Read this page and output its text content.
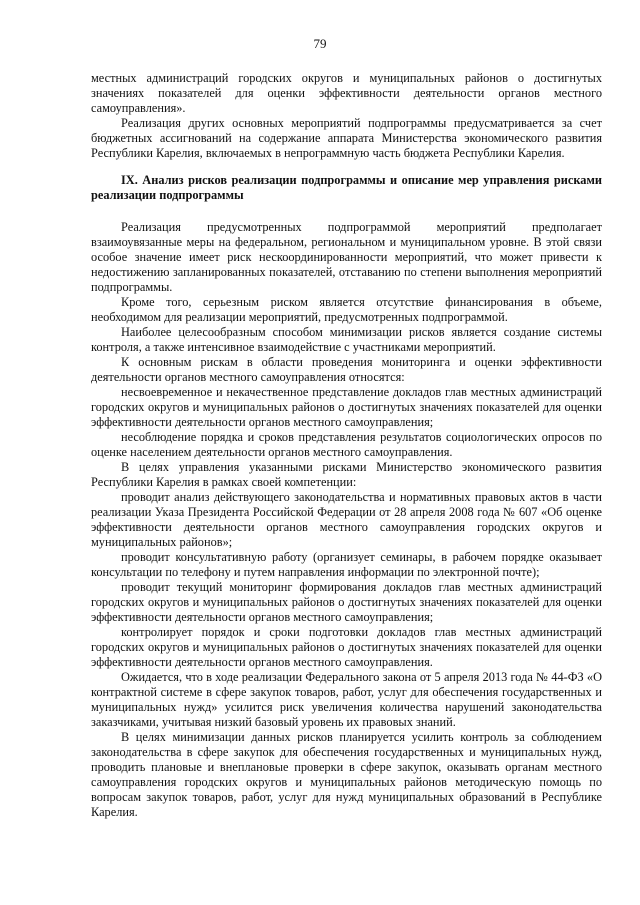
79

местных администраций городских округов и муниципальных районов о достигнутых значениях показателей для оценки эффективности деятельности органов местного самоуправления».

Реализация других основных мероприятий подпрограммы предусматривается за счет бюджетных ассигнований на содержание аппарата Министерства экономического развития Республики Карелия, включаемых в непрограммную часть бюджета Республики Карелия.

IX. Анализ рисков реализации подпрограммы и описание мер управления рисками реализации подпрограммы

Реализация предусмотренных подпрограммой мероприятий предполагает взаимоувязанные меры на федеральном, региональном и муниципальном уровне. В этой связи особое значение имеет риск нескоординированности мероприятий, что может привести к недостижению запланированных показателей, отставанию по степени выполнения мероприятий подпрограммы.

Кроме того, серьезным риском является отсутствие финансирования в объеме, необходимом для реализации мероприятий, предусмотренных подпрограммой.

Наиболее целесообразным способом минимизации рисков является создание системы контроля, а также интенсивное взаимодействие с участниками мероприятий.

К основным рискам в области проведения мониторинга и оценки эффективности деятельности органов местного самоуправления относятся:

несвоевременное и некачественное представление докладов глав местных администраций городских округов и муниципальных районов о достигнутых значениях показателей для оценки эффективности деятельности органов местного самоуправления;

несоблюдение порядка и сроков представления результатов социологических опросов по оценке населением деятельности органов местного самоуправления.

В целях управления указанными рисками Министерство экономического развития Республики Карелия в рамках своей компетенции:

проводит анализ действующего законодательства и нормативных правовых актов в части реализации Указа Президента Российской Федерации от 28 апреля 2008 года № 607 «Об оценке эффективности деятельности органов местного самоуправления городских округов и муниципальных районов»;

проводит консультативную работу (организует семинары, в рабочем порядке оказывает консультации по телефону и путем направления информации по электронной почте);

проводит текущий мониторинг формирования докладов глав местных администраций городских округов и муниципальных районов о достигнутых значениях показателей для оценки эффективности деятельности органов местного самоуправления;

контролирует порядок и сроки подготовки докладов глав местных администраций городских округов и муниципальных районов о достигнутых значениях показателей для оценки эффективности деятельности органов местного самоуправления.

Ожидается, что в ходе реализации Федерального закона от 5 апреля 2013 года № 44-ФЗ «О контрактной системе в сфере закупок товаров, работ, услуг для обеспечения государственных и муниципальных нужд» усилится риск увеличения количества нарушений законодательства заказчиками, учитывая низкий базовый уровень их правовых знаний.

В целях минимизации данных рисков планируется усилить контроль за соблюдением законодательства в сфере закупок для обеспечения государственных и муниципальных нужд, проводить плановые и внеплановые проверки в сфере закупок, оказывать органам местного самоуправления городских округов и муниципальных районов методическую помощь по вопросам закупок товаров, работ, услуг для нужд муниципальных образований в Республике Карелия.
